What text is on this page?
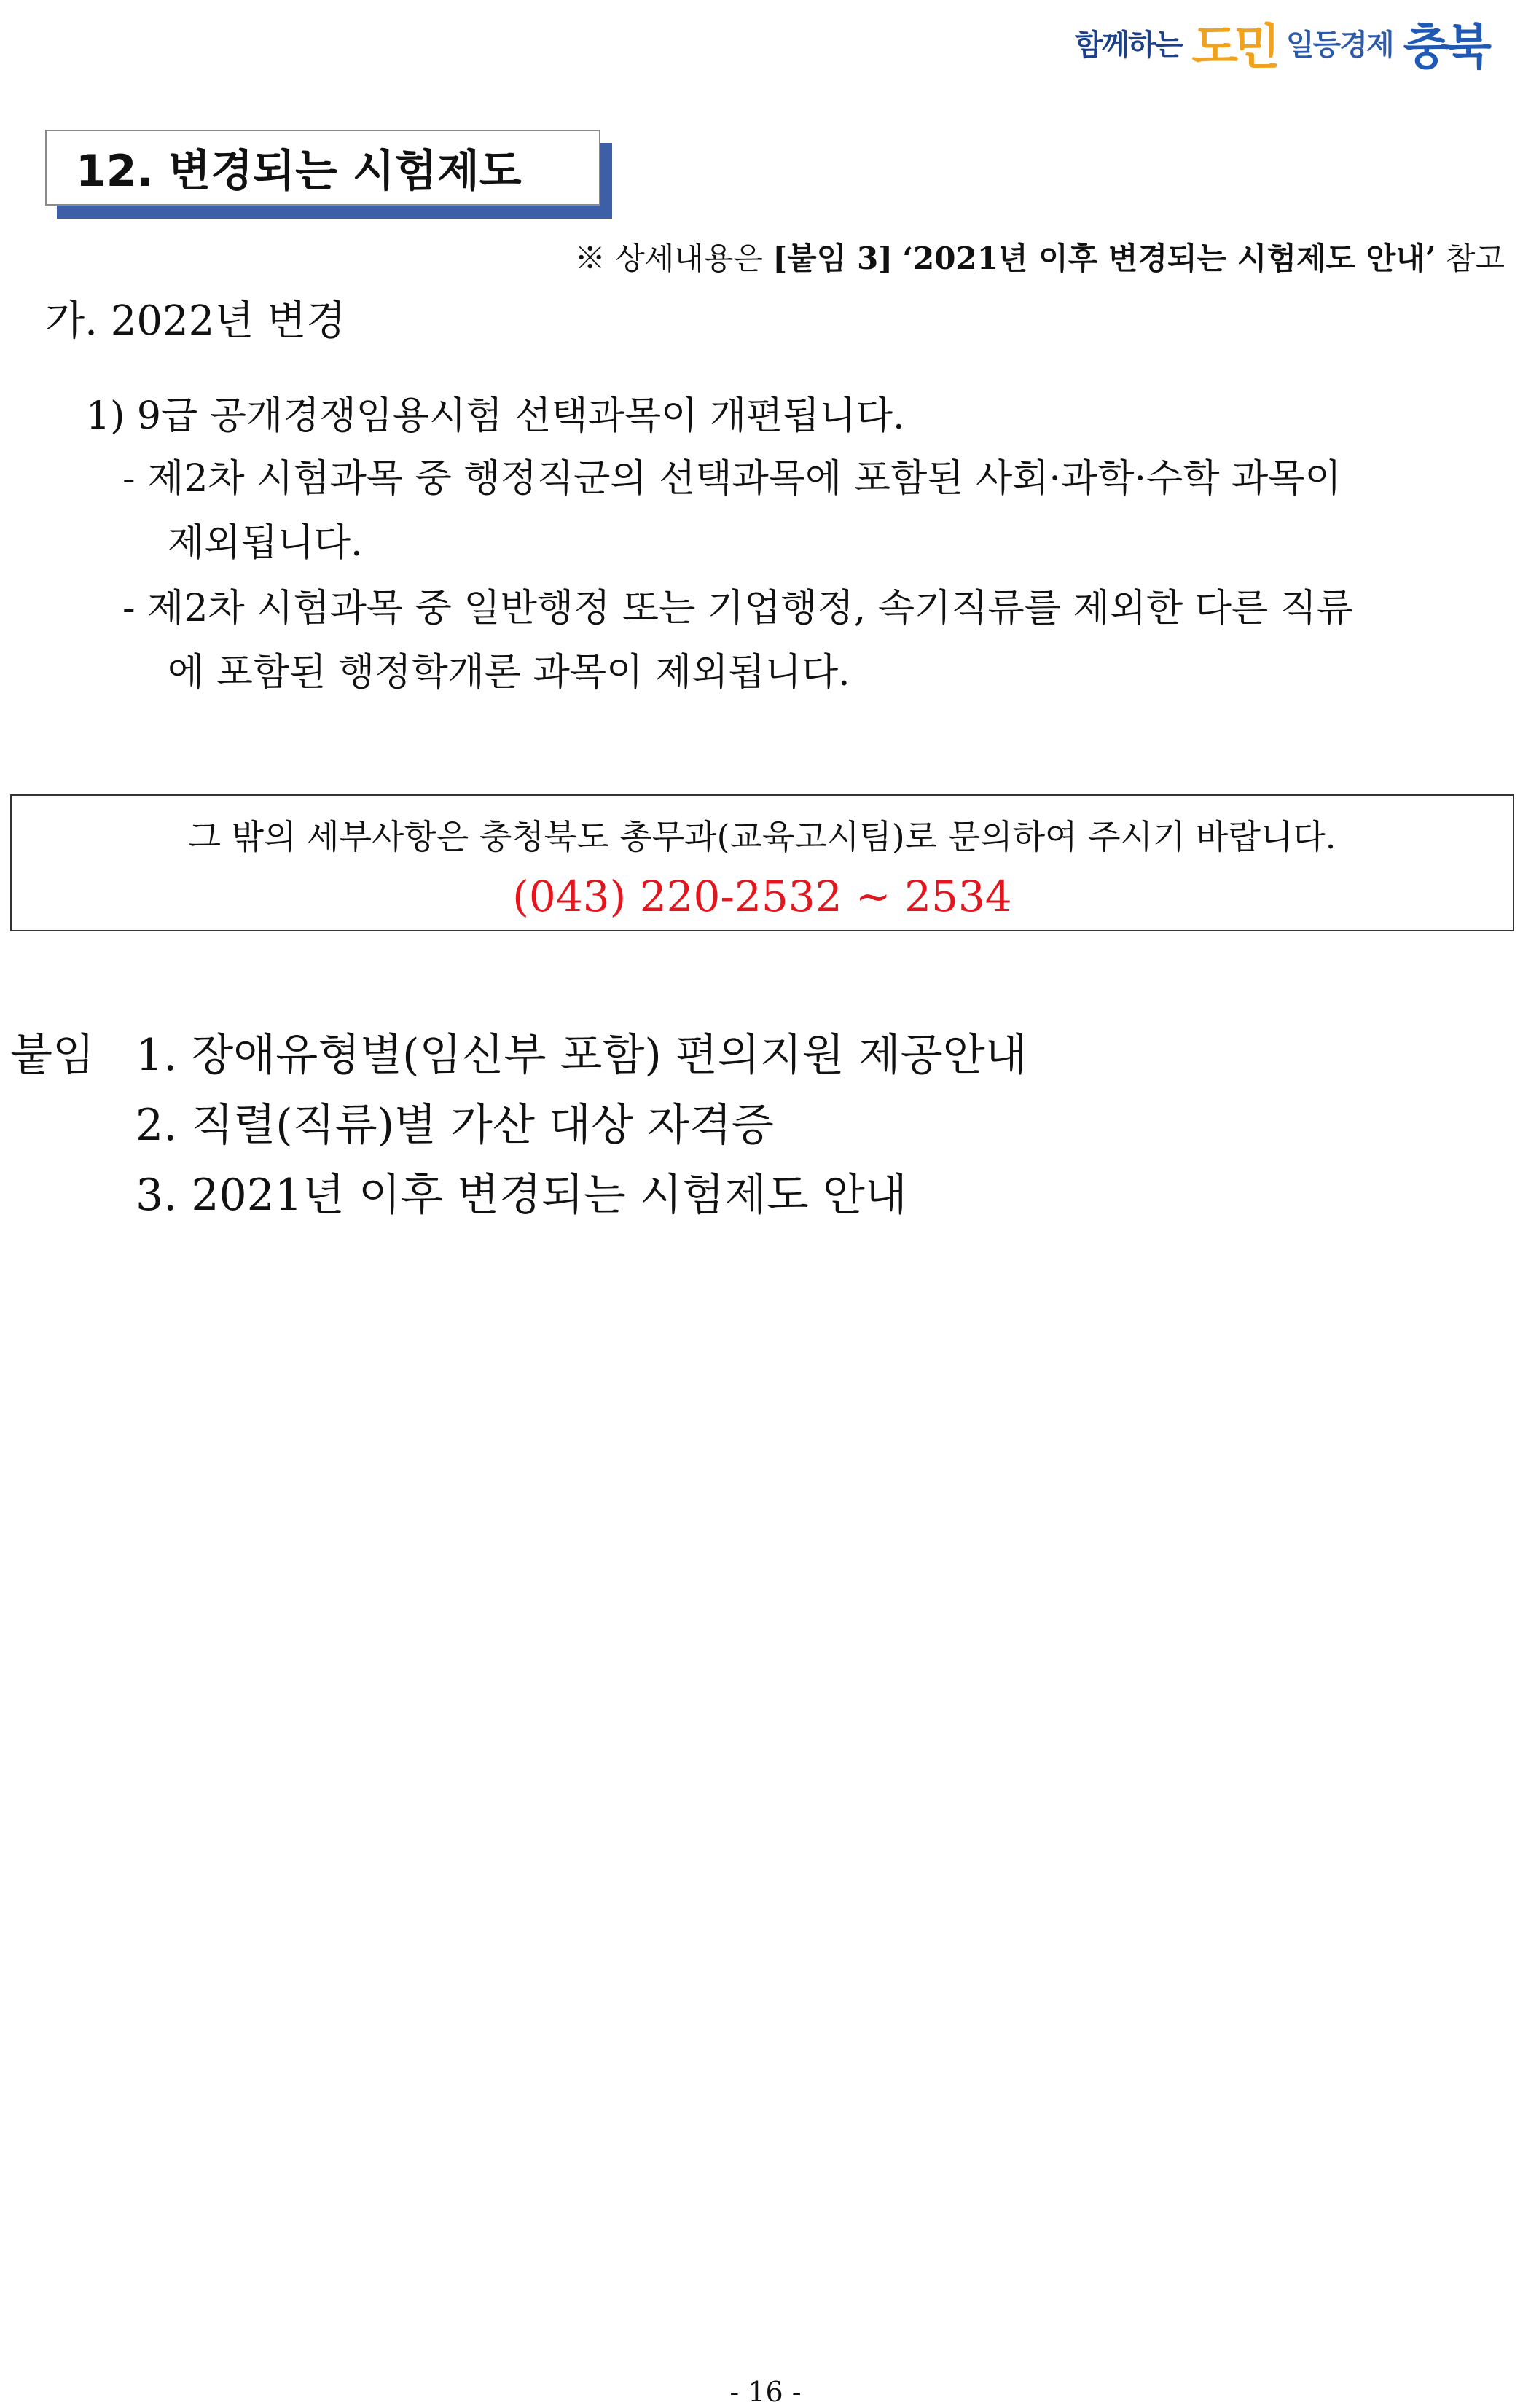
함께하는 도민 일등경제 충북
12. 변경되는 시험제도
※ 상세내용은 [붙임 3] ‘2021년 이후 변경되는 시험제도 안내’ 참고
가. 2022년 변경
1) 9급 공개경쟁임용시험 선택과목이 개편됩니다.
- 제2차 시험과목 중 행정직군의 선택과목에 포함된 사회·과학·수학 과목이
제외됩니다.
- 제2차 시험과목 중 일반행정 또는 기업행정, 속기직류를 제외한 다른 직류
에 포함된 행정학개론 과목이 제외됩니다.
그 밖의 세부사항은 충청북도 총무과(교육고시팀)로 문의하여 주시기 바랍니다.
(043) 220-2532 ~ 2534
붙임 1. 장애유형별(임신부 포함) 편의지원 제공안내
2. 직렬(직류)별 가산 대상 자격증
3. 2021년 이후 변경되는 시험제도 안내
- 16 -
